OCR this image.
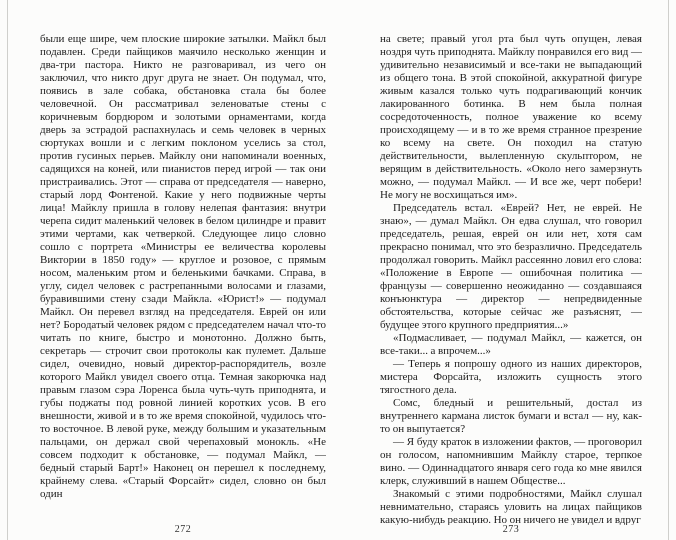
были еще шире, чем плоские широкие затылки. Майкл был подавлен. Среди пайщиков маячило несколько женщин и два-три пастора. Никто не разговаривал, из чего он заключил, что никто друг друга не знает. Он подумал, что, появись в зале собака, обстановка стала бы более человечной. Он рассматривал зеленоватые стены с коричневым бордюром и золотыми орнаментами, когда дверь за эстрадой распахнулась и семь человек в черных сюртуках вошли и с легким поклоном уселись за стол, против гусиных перьев. Майклу они напоминали военных, садящихся на коней, или пианистов перед игрой — так они пристраивались. Этот — справа от председателя — наверно, старый лорд Фонтеной. Какие у него подвижные черты лица! Майклу пришла в голову нелепая фантазия: внутри черепа сидит маленький человек в белом цилиндре и правит этими чертами, как четверкой. Следующее лицо словно сошло с портрета «Министры ее величества королевы Виктории в 1850 году» — круглое и розовое, с прямым носом, маленьким ртом и беленькими бачками. Справа, в углу, сидел человек с растрепанными волосами и глазами, буравившими стену сзади Майкла. «Юрист!» — подумал Майкл. Он перевел взгляд на председателя. Еврей он или нет? Бородатый человек рядом с председателем начал что-то читать по книге, быстро и монотонно. Должно быть, секретарь — строчит свои протоколы как пулемет. Дальше сидел, очевидно, новый директор-распорядитель, возле которого Майкл увидел своего отца. Темная закорючка над правым глазом сэра Лоренса была чуть-чуть приподнята, и губы поджаты под ровной линией коротких усов. В его внешности, живой и в то же время спокойной, чудилось что-то восточное. В левой руке, между большим и указательным пальцами, он держал свой черепаховый монокль. «Не совсем подходит к обстановке, — подумал Майкл, — бедный старый Барт!» Наконец он перешел к последнему, крайнему слева. «Старый Форсайт» сидел, словно он был один

272

на свете; правый угол рта был чуть опущен, левая ноздря чуть приподнята. Майклу понравился его вид — удивительно независимый и все-таки не выпадающий из общего тона. В этой спокойной, аккуратной фигуре живым казался только чуть подрагивающий кончик лакированного ботинка. В нем была полная сосредоточенность, полное уважение ко всему происходящему — и в то же время странное презрение ко всему на свете. Он походил на статую действительности, вылепленную скульптором, не верящим в действительность. «Около него замерзнуть можно, — подумал Майкл. — И все же, черт побери! Не могу не восхищаться им».

Председатель встал. «Еврей? Нет, не еврей. Не знаю», — думал Майкл. Он едва слушал, что говорил председатель, решая, еврей он или нет, хотя сам прекрасно понимал, что это безразлично. Председатель продолжал говорить. Майкл рассеянно ловил его слова: «Положение в Европе — ошибочная политика — французы — совершенно неожиданно — создавшаяся конъюнктура — директор — непредвиденные обстоятельства, которые сейчас же разъяснят, — будущее этого крупного предприятия...»

«Подмасливает, — подумал Майкл, — кажется, он все-таки... а впрочем...»

— Теперь я попрошу одного из наших директоров, мистера Форсайта, изложить сущность этого тягостного дела.

Сомс, бледный и решительный, достал из внутреннего кармана листок бумаги и встал — ну, как-то он выпутается?

— Я буду краток в изложении фактов, — проговорил он голосом, напомнившим Майклу старое, терпкое вино. — Одиннадцатого января сего года ко мне явился клерк, служивший в нашем Обществе...

Знакомый с этими подробностями, Майкл слушал невнимательно, стараясь уловить на лицах пайщиков какую-нибудь реакцию. Но он ничего не увидел и вдруг

273
